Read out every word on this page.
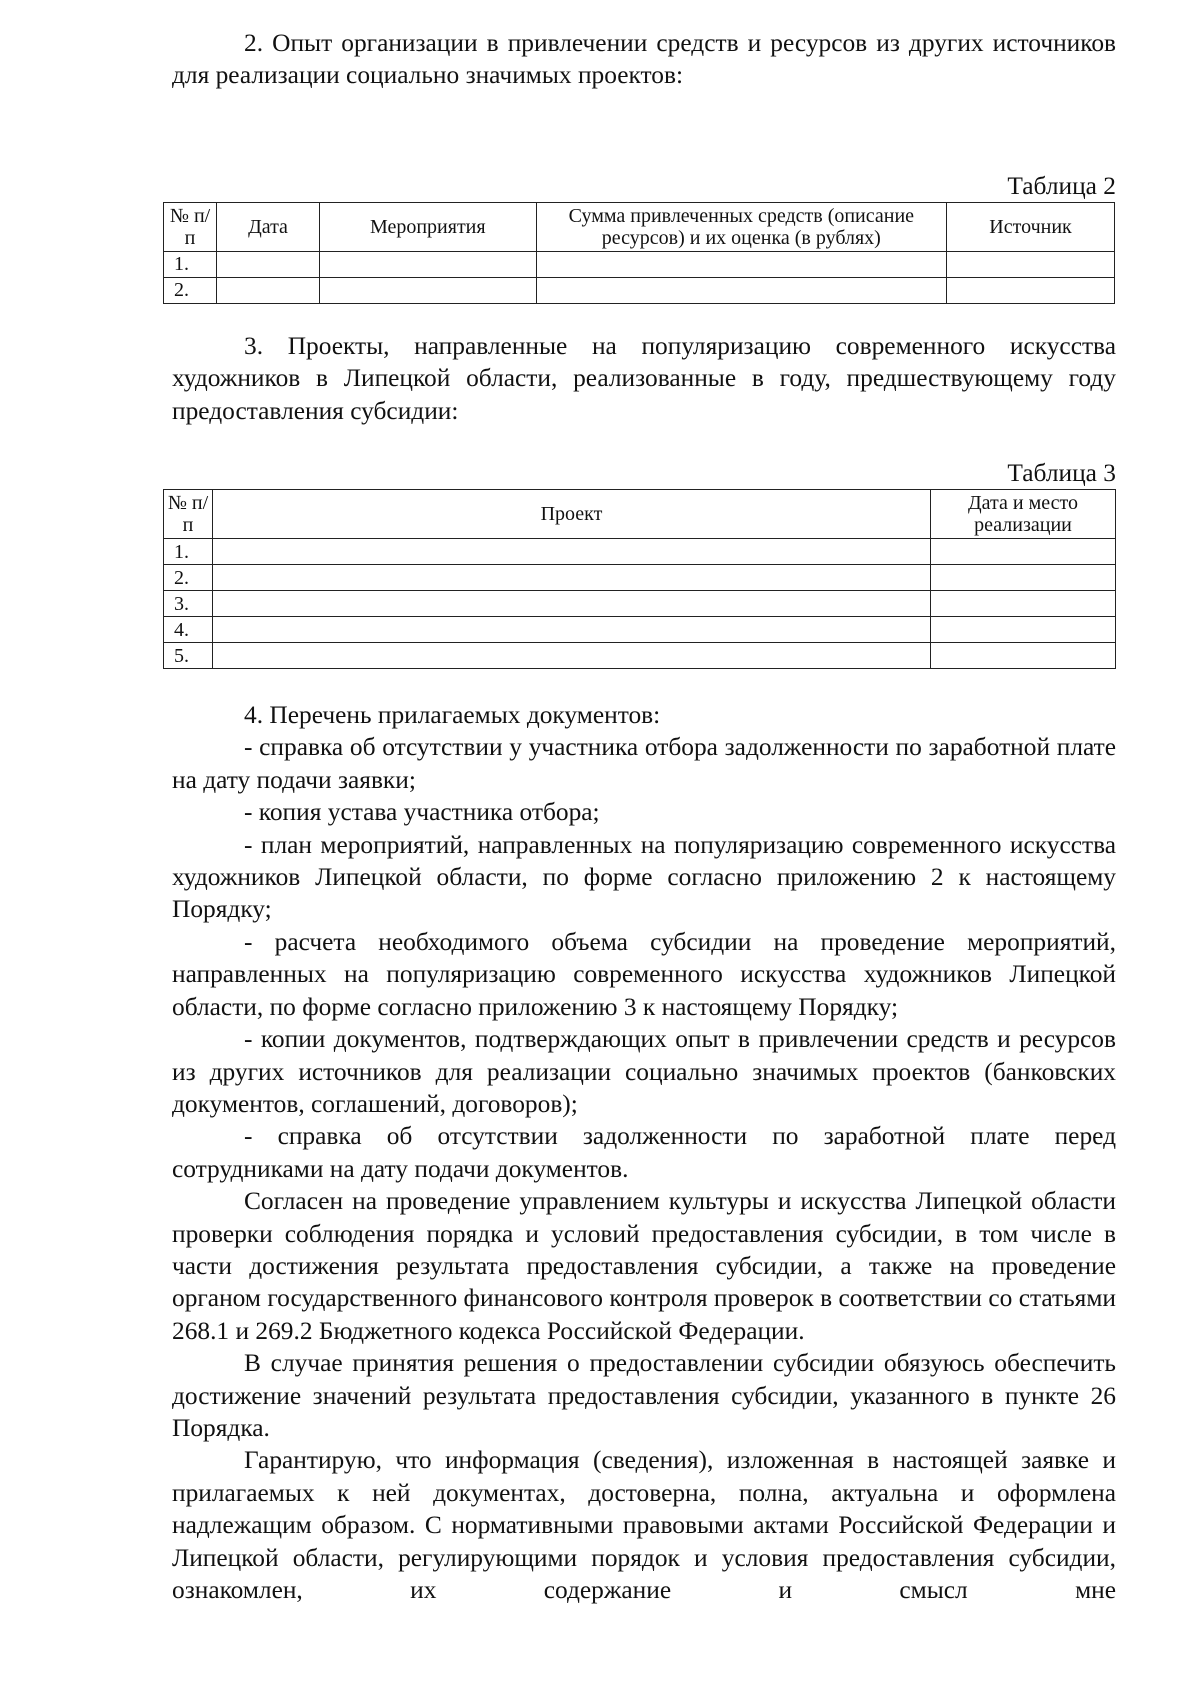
2. Опыт организации в привлечении средств и ресурсов из других источников для реализации социально значимых проектов:

Таблица 2

№ п/п	Дата	Мероприятия	Сумма привлеченных средств (описание ресурсов) и их оценка (в рублях)	Источник
1.				
2.				

3. Проекты, направленные на популяризацию современного искусства художников в Липецкой области, реализованные в году, предшествующему году предоставления субсидии:

Таблица 3

№ п/п	Проект	Дата и место реализации
1.		
2.		
3.		
4.		
5.		

4. Перечень прилагаемых документов:

- справка об отсутствии у участника отбора задолженности по заработной плате на дату подачи заявки;

- копия устава участника отбора;

- план мероприятий, направленных на популяризацию современного искусства художников Липецкой области, по форме согласно приложению 2 к настоящему Порядку;

- расчета необходимого объема субсидии на проведение мероприятий, направленных на популяризацию современного искусства художников Липецкой области, по форме согласно приложению 3 к настоящему Порядку;

- копии документов, подтверждающих опыт в привлечении средств и ресурсов из других источников для реализации социально значимых проектов (банковских документов, соглашений, договоров);

- справка об отсутствии задолженности по заработной плате перед сотрудниками на дату подачи документов.

Согласен на проведение управлением культуры и искусства Липецкой области проверки соблюдения порядка и условий предоставления субсидии, в том числе в части достижения результата предоставления субсидии, а также на проведение органом государственного финансового контроля проверок в соответствии со статьями 268.1 и 269.2 Бюджетного кодекса Российской Федерации.

В случае принятия решения о предоставлении субсидии обязуюсь обеспечить достижение значений результата предоставления субсидии, указанного в пункте 26 Порядка.

Гарантирую, что информация (сведения), изложенная в настоящей заявке и прилагаемых к ней документах, достоверна, полна, актуальна и оформлена надлежащим образом. С нормативными правовыми актами Российской Федерации и Липецкой области, регулирующими порядок и условия предоставления субсидии, ознакомлен, их содержание и смысл мне
